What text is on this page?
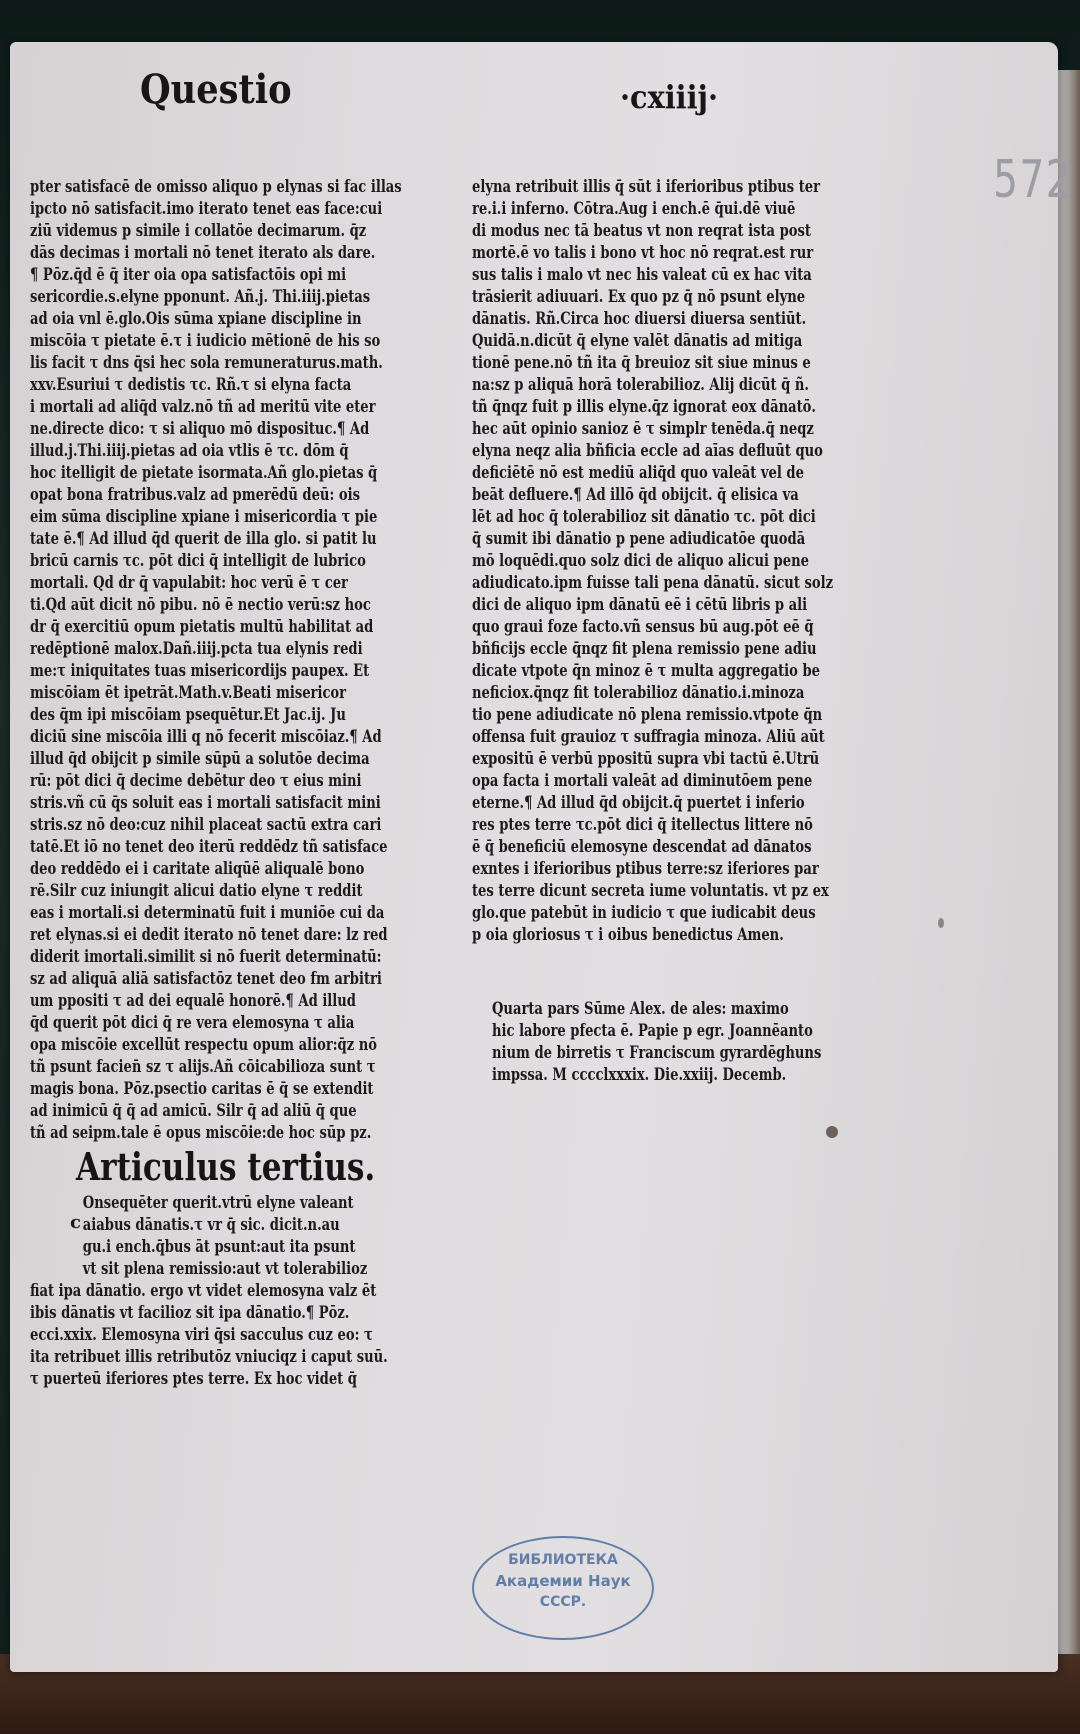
Questio	·cxiiij·
572
pter satisfacē de omisso aliquo p elynas si fac illas
ipcto nō satisfacit.imo iterato tenet eas face:cui
ziū videmus p simile i collatōe decimarum. q̄z
dās decimas i mortali nō tenet iterato als dare.
¶ Pōz.q̄d ē q̄ iter oia opa satisfactōis opi mi
sericordie.s.elyne pponunt. Añ.j. Thi.iiij.pietas
ad oia vnl ē.glo.Ois sūma xpiane discipline in
miscōia τ pietate ē.τ i iudicio mētionē de his so
lis facit τ dns q̄si hec sola remuneraturus.math.
xxv.Esuriui τ dedistis τc. Rñ.τ si elyna facta
i mortali ad aliq̄d valz.nō tñ ad meritū vite eter
ne.directe dico: τ si aliquo mō disposituc.¶ Ad
illud.j.Thi.iiij.pietas ad oia vtlis ē τc. dōm q̄
hoc itelligit de pietate isormata.Añ glo.pietas q̄
opat bona fratribus.valz ad pmerēdū deū: ois
eim sūma discipline xpiane i misericordia τ pie
tate ē.¶ Ad illud q̄d querit de illa glo. si patit lu
bricū carnis τc. pōt dici q̄ intelligit de lubrico
mortali. Qd dr q̄ vapulabit: hoc verū ē τ cer
ti.Qd aūt dicit nō pibu. nō ē nectio verū:sz hoc
dr q̄ exercitiū opum pietatis multū habilitat ad
redēptionē malox.Dañ.iiij.pcta tua elynis redi
me:τ iniquitates tuas misericordijs paupex. Et
miscōiam ēt ipetrāt.Math.v.Beati misericor
des q̄m ipi miscōiam psequētur.Et Jac.ij. Ju
diciū sine miscōia illi q nō fecerit miscōiaz.¶ Ad
illud q̄d obijcit p simile sūpū a solutōe decima
rū: pōt dici q̄ decime debētur deo τ eius mini
stris.vñ cū q̄s soluit eas i mortali satisfacit mini
stris.sz nō deo:cuz nihil placeat sactū extra cari
tatē.Et iō no tenet deo iterū reddēdz tñ satisface
deo reddēdo ei i caritate aliqūē aliqualē bono
rē.Silr cuz iniungit alicui datio elyne τ reddit
eas i mortali.si determinatū fuit i muniōe cui da
ret elynas.si ei dedit iterato nō tenet dare: lz red
diderit imortali.similit si nō fuerit determinatū:
sz ad aliquā aliā satisfactōz tenet deo fm arbitri
um ppositi τ ad dei equalē honorē.¶ Ad illud
q̄d querit pōt dici q̄ re vera elemosyna τ alia
opa miscōie excellūt respectu opum alior:q̄z nō
tñ psunt facien̄ sz τ alijs.Añ cōicabilioza sunt τ
magis bona. Pōz.psectio caritas ē q̄ se extendit
ad inimicū q̄ q̄ ad amicū. Silr q̄ ad aliū q̄ que
tñ ad seipm.tale ē opus miscōie:de hoc sūp pz.
Articulus tertius.
c
Onsequēter querit.vtrū elyne valeant
aiabus dānatis.τ vr q̄ sic. dicit.n.au
gu.i ench.q̄bus āt psunt:aut ita psunt
vt sit plena remissio:aut vt tolerabilioz
fiat ipa dānatio. ergo vt videt elemosyna valz ēt
ibis dānatis vt facilioz sit ipa dānatio.¶ Pōz.
ecci.xxix. Elemosyna viri q̄si sacculus cuz eo: τ
ita retribuet illis retributōz vniuciqz i caput suū.
τ puerteū iferiores ptes terre. Ex hoc videt q̄
elyna retribuit illis q̄ sūt i iferioribus ptibus ter
re.i.i inferno. Cōtra.Aug i ench.ē q̄ui.dē viuē
di modus nec tā beatus vt non reqrat ista post
mortē.ē vo talis i bono vt hoc nō reqrat.est rur
sus talis i malo vt nec his valeat cū ex hac vita
trāsierit adiuuari. Ex quo pz q̄ nō psunt elyne
dānatis. Rñ.Circa hoc diuersi diuersa sentiūt.
Quidā.n.dicūt q̄ elyne valēt dānatis ad mitiga
tionē pene.nō tñ ita q̄ breuioz sit siue minus e
na:sz p aliquā horā tolerabilioz. Alij dicūt q̄ ñ.
tñ q̄nqz fuit p illis elyne.q̄z ignorat eox dānatō.
hec aūt opinio sanioz ē τ simplr tenēda.q̄ neqz
elyna neqz alia bñficia eccle ad aīas defluūt quo
deficiētē nō est mediū aliq̄d quo valeāt vel de
beāt defluere.¶ Ad illō q̄d obijcit. q̄ elisica va
lēt ad hoc q̄ tolerabilioz sit dānatio τc. pōt dici
q̄ sumit ibi dānatio p pene adiudicatōe quodā
mō loquēdi.quo solz dici de aliquo alicui pene
adiudicato.ipm fuisse tali pena dānatū. sicut solz
dici de aliquo ipm dānatū eē i cētū libris p ali
quo graui foze facto.vñ sensus bū aug.pōt eē q̄
bñficijs eccle q̄nqz fit plena remissio pene adiu
dicate vtpote q̄n minoz ē τ multa aggregatio be
neficiox.q̄nqz fit tolerabilioz dānatio.i.minoza
tio pene adiudicate nō plena remissio.vtpote q̄n
offensa fuit grauioz τ suffragia minoza. Aliū aūt
expositū ē verbū ppositū supra vbi tactū ē.Utrū
opa facta i mortali valeāt ad diminutōem pene
eterne.¶ Ad illud q̄d obijcit.q̄ puertet i inferio
res ptes terre τc.pōt dici q̄ itellectus littere nō
ē q̄ beneficiū elemosyne descendat ad dānatos
exntes i iferioribus ptibus terre:sz iferiores par
tes terre dicunt secreta iume voluntatis. vt pz ex
glo.que patebūt in iudicio τ que iudicabit deus
p oia gloriosus τ i oibus benedictus Amen.
Quarta pars Sūme Alex. de ales: maximo
hic labore pfecta ē. Papie p egr. Joannēanto
nium de birretis τ Franciscum gyrardēghuns
impssa. M cccclxxxix. Die.xxiij. Decemb.
БИБЛИОТЕКА
Академии Наук
СССР.
